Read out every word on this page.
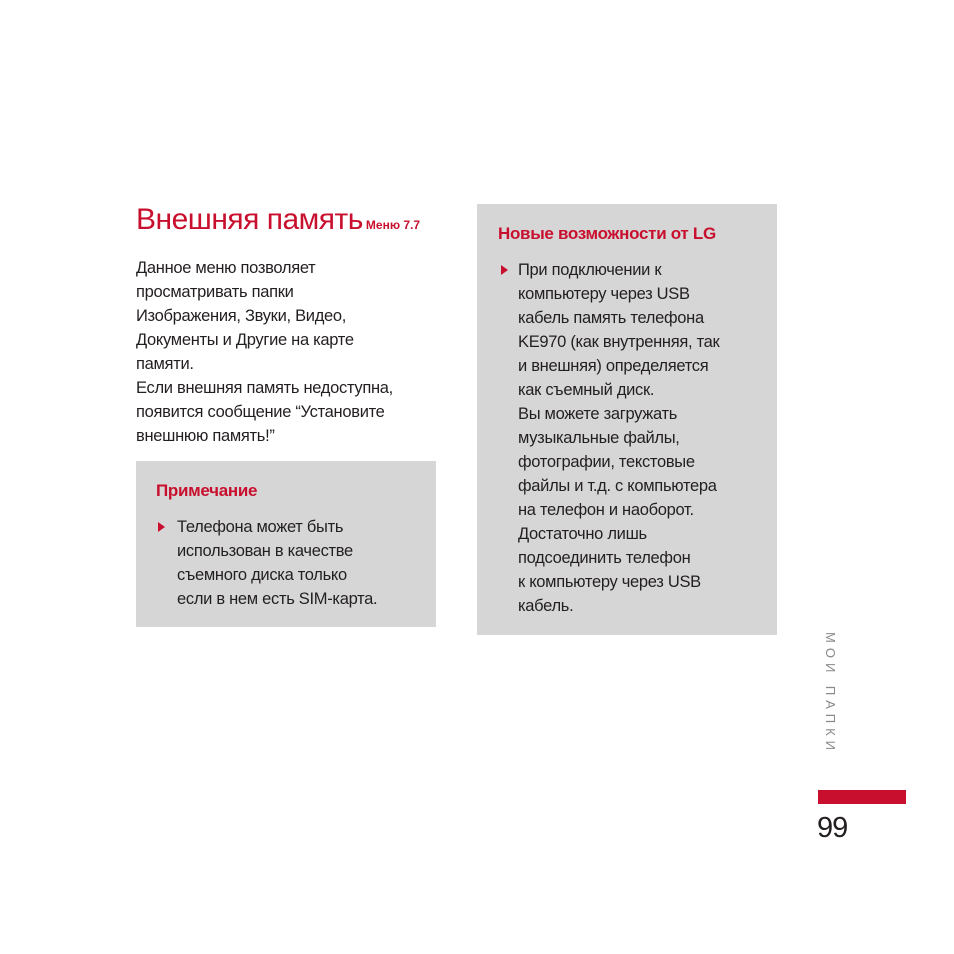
Внешняя память Меню 7.7

Данное меню позволяет

просматривать папки

Изображения, Звуки, Видео,

Документы и Другие на карте

памяти.

Если внешняя память недоступна,

появится сообщение “Установите

внешнюю память!”

Примечание

Телефона может быть

использован в качестве

съемного диска только

если в нем есть SIM-карта.

Новые возможности от LG

При подключении к

компьютеру через USB

кабель память телефона

KE970 (как внутренняя, так

и внешняя) определяется

как съемный диск.

Вы можете загружать

музыкальные файлы,

фотографии, текстовые

файлы и т.д. с компьютера

на телефон и наоборот.

Достаточно лишь

подсоединить телефон

к компьютеру через USB

кабель.

МОИ ПАПКИ
99
